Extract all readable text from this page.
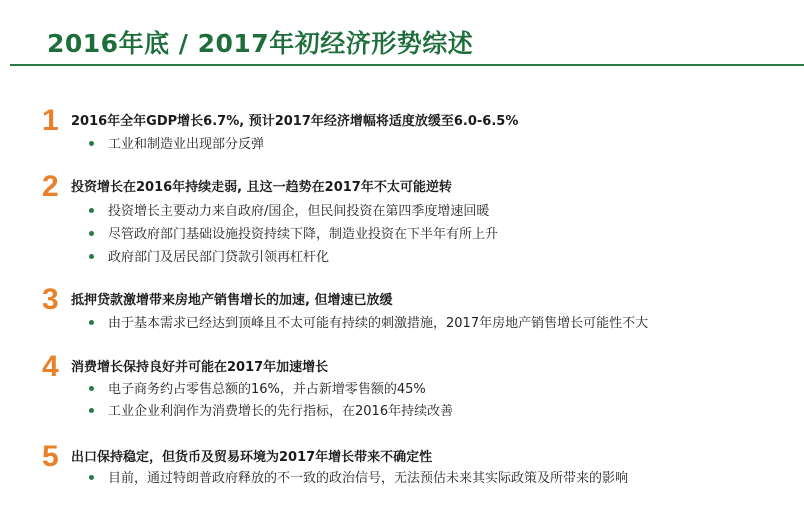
2016年底 / 2017年初经济形势综述
1 2016年全年GDP增长6.7%, 预计2017年经济增幅将适度放缓至6.0-6.5%
工业和制造业出现部分反弹
2 投资增长在2016年持续走弱, 且这一趋势在2017年不太可能逆转
投资增长主要动力来自政府/国企，但民间投资在第四季度增速回暖
尽管政府部门基础设施投资持续下降，制造业投资在下半年有所上升
政府部门及居民部门贷款引领再杠杆化
3 抵押贷款激增带来房地产销售增长的加速, 但增速已放缓
由于基本需求已经达到顶峰且不太可能有持续的刺激措施，2017年房地产销售增长可能性不大
4 消费增长保持良好并可能在2017年加速增长
电子商务约占零售总额的16%，并占新增零售额的45%
工业企业利润作为消费增长的先行指标，在2016年持续改善
5 出口保持稳定，但货币及贸易环境为2017年增长带来不确定性
目前，通过特朗普政府释放的不一致的政治信号，无法预估未来其实际政策及所带来的影响
